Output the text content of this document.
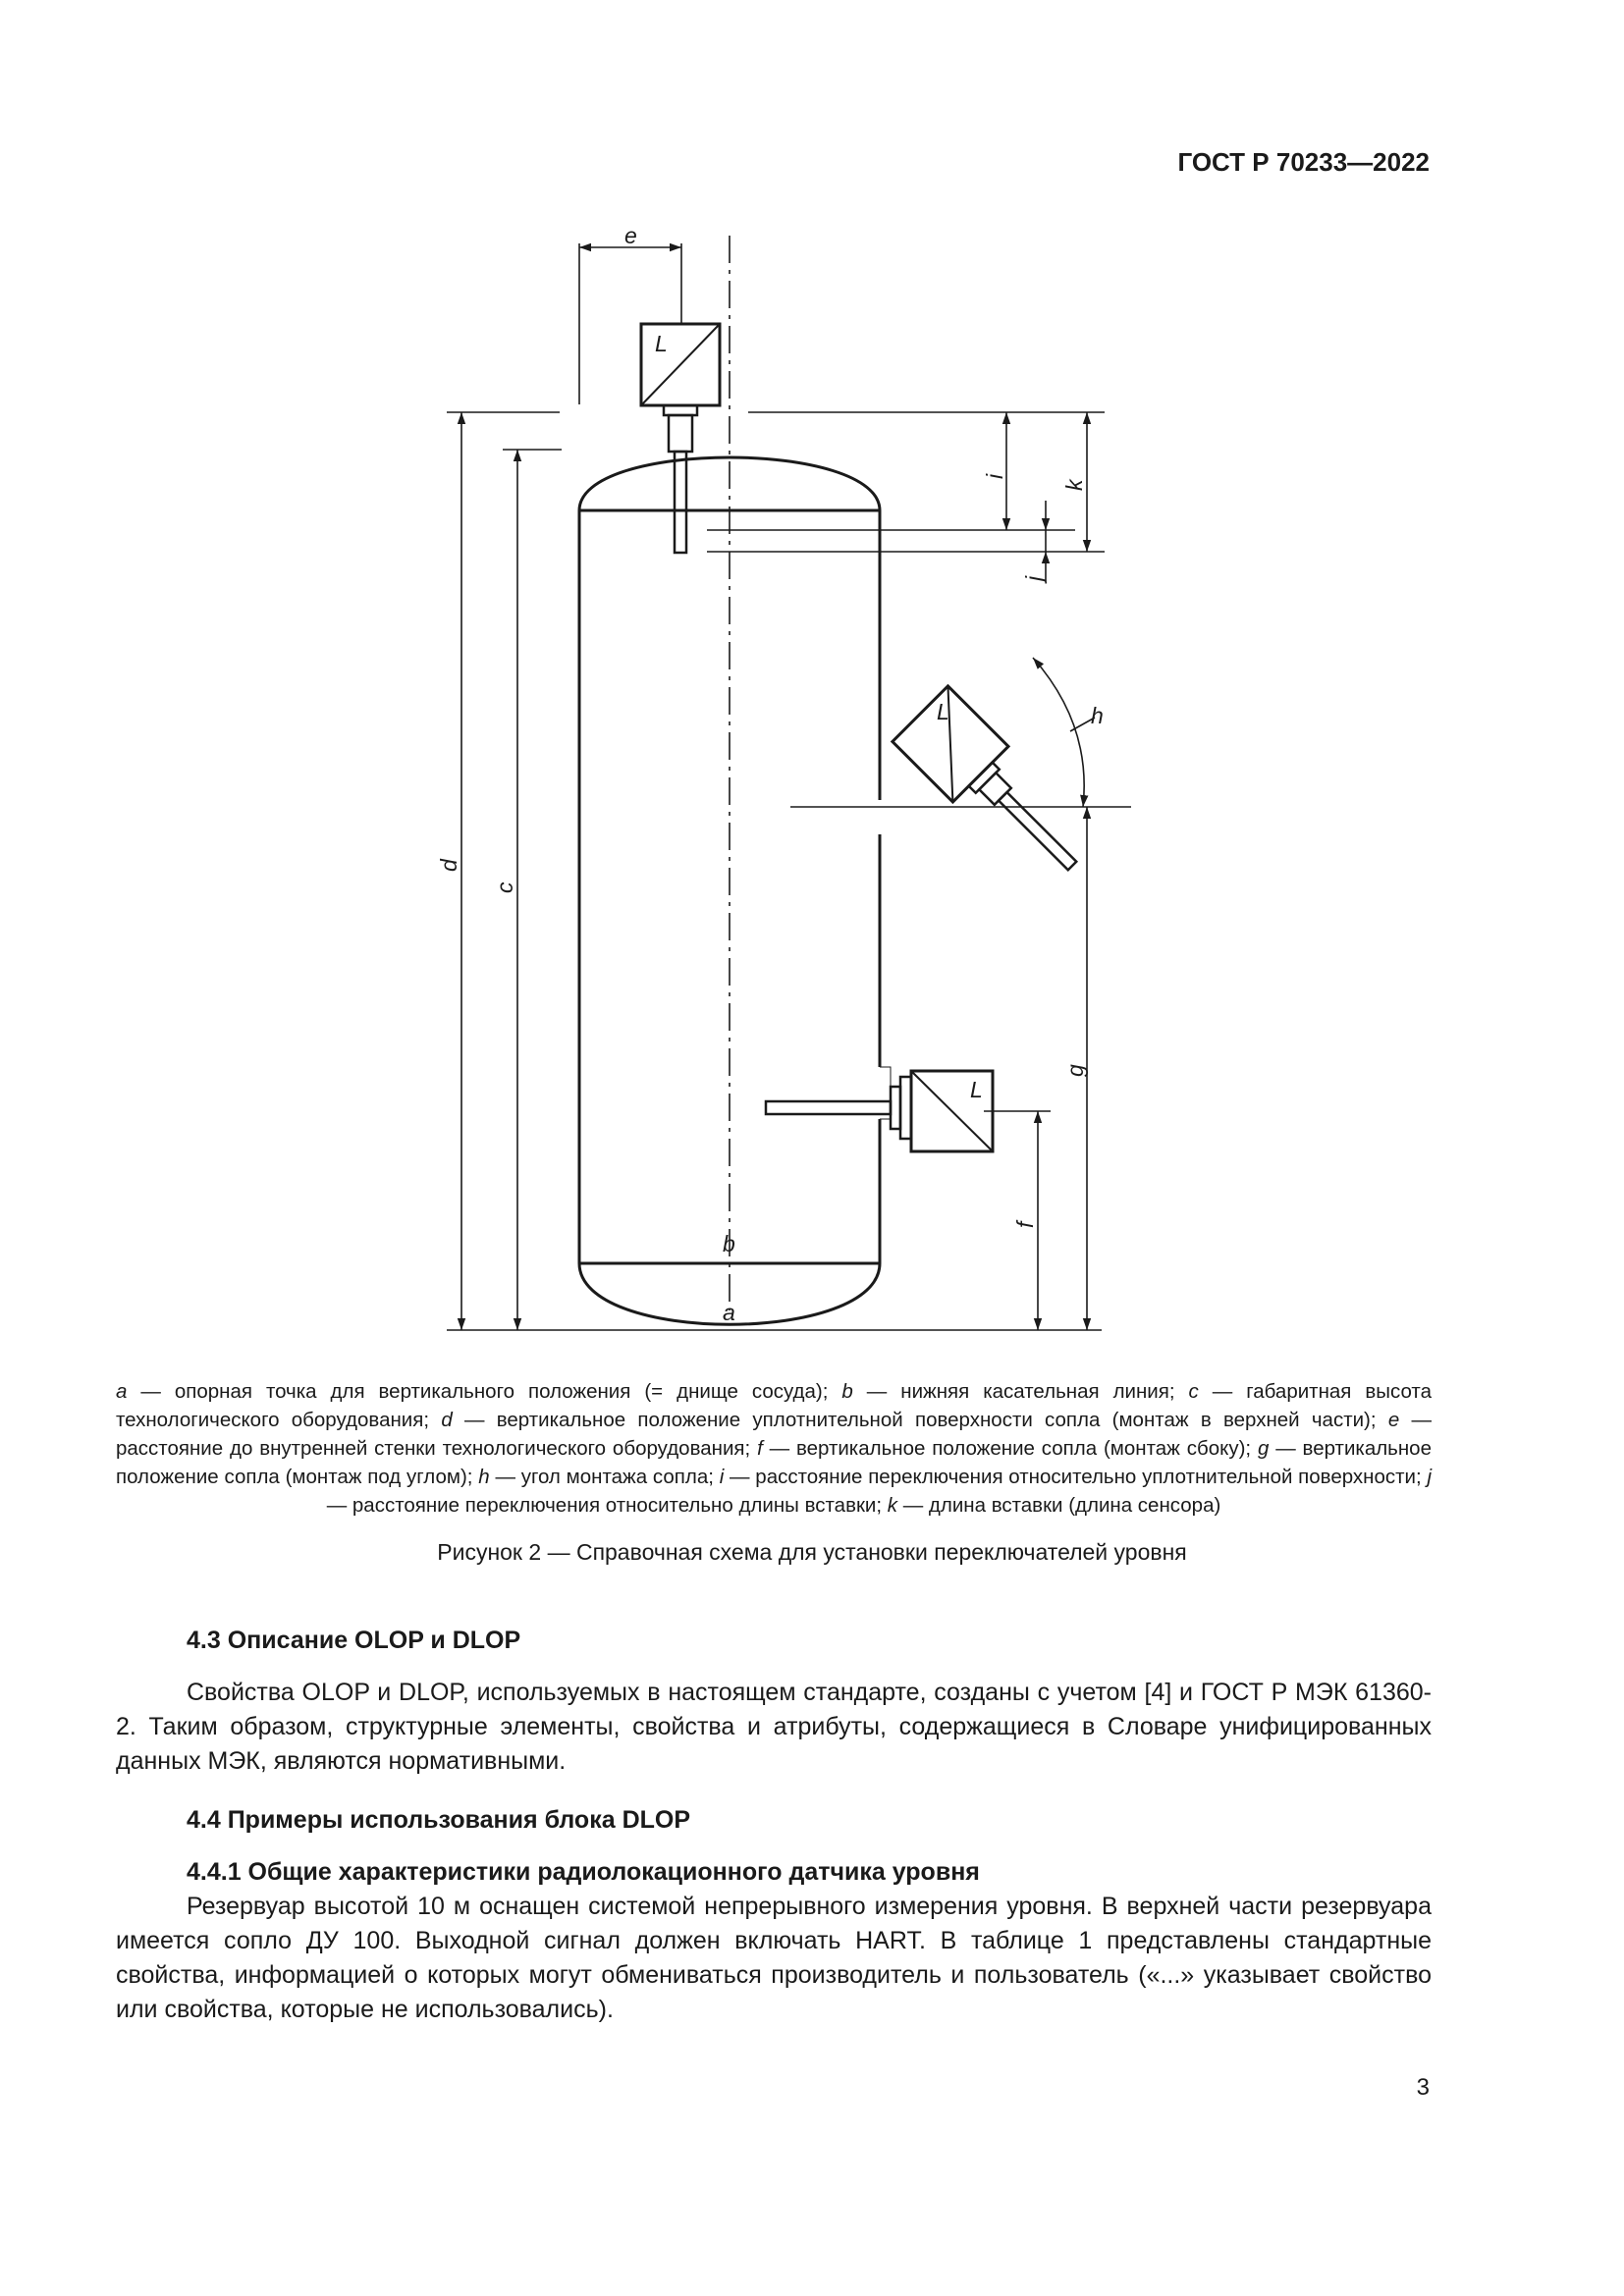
ГОСТ Р 70233—2022
L
L
L
e
d
c
i
k
j
h
g
f
b
a
a — опорная точка для вертикального положения (= днище сосуда); b — нижняя касательная линия; c — габаритная высота технологического оборудования; d — вертикальное положение уплотнительной поверхности сопла (монтаж в верхней части); e — расстояние до внутренней стенки технологического оборудования; f — вертикальное положение сопла (монтаж сбоку); g — вертикальное положение сопла (монтаж под углом); h — угол монтажа сопла; i — расстояние переключения относительно уплотнительной поверхности; j — расстояние переключения относительно длины вставки; k — длина вставки (длина сенсора)
Рисунок 2 — Справочная схема для установки переключателей уровня
4.3 Описание OLOP и DLOP
Свойства OLOP и DLOP, используемых в настоящем стандарте, созданы с учетом [4] и ГОСТ Р МЭК 61360-2. Таким образом, структурные элементы, свойства и атрибуты, содержащиеся в Словаре унифицированных данных МЭК, являются нормативными.
4.4 Примеры использования блока DLOP
4.4.1 Общие характеристики радиолокационного датчика уровня
Резервуар высотой 10 м оснащен системой непрерывного измерения уровня. В верхней части резервуара имеется сопло ДУ 100. Выходной сигнал должен включать HART. В таблице 1 представлены стандартные свойства, информацией о которых могут обмениваться производитель и пользователь («...» указывает свойство или свойства, которые не использовались).
3
